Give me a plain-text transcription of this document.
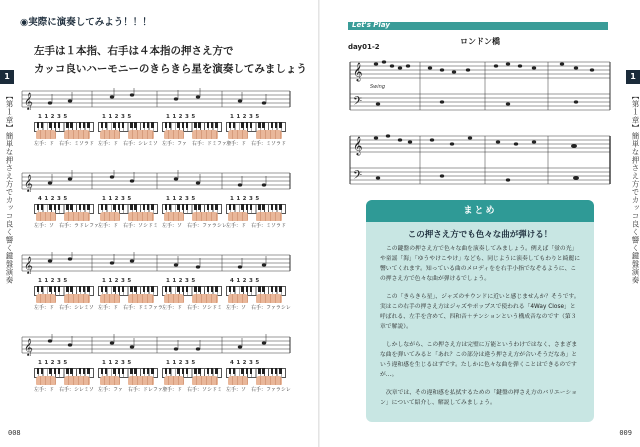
◉実際に演奏してみよう！！！
左手は１本指、右手は４本指の押さえ方で
カッコ良いハーモニーのきらきら星を演奏してみましょう
1
【第１章】簡単な押さえ方でカッコ良く響く鍵盤演奏 𝄞
1 1 2 3 5
左手：ド　右手：ミソラド
1 1 2 3 5
左手：ド　右手：シレミソ
1 1 2 3 5
左手：ファ　右手：ドミファラ
1 1 2 3 5
左手：ド　右手：ミソラド
𝄞
4 1 2 3 5
左手：ソ　右手：ラドレファ
1 1 2 3 5
左手：ド　右手：ソシドミ
1 1 2 3 5
左手：ソ　右手：ファラシレ
1 1 2 3 5
左手：ド　右手：ミソラド
𝄞
1 1 2 3 5
左手：ド　右手：シレミソ
1 1 2 3 5
左手：ド　右手：ドミファラ
1 1 2 3 5
左手：ド　右手：ソシドミ
4 1 2 3 5
左手：ソ　右手：ファラシレ
𝄞
1 1 2 3 5
左手：ド　右手：シレミソ
1 1 2 3 5
左手：ファ　右手：ドレファラ
1 1 2 3 5
左手：ド　右手：ソシドミ
4 1 2 3 5
左手：ソ　右手：ファラシレ
008
Let's Play
ロンドン橋
day01-2
𝄞
𝄢
Swing
𝄞
𝄢
まとめ
この押さえ方でも色々な曲が弾ける！

この鍵盤の押さえ方で色々な曲を演奏してみましょう。例えば「蛍の光」や童謡「海」「ゆうやけこやけ」なども、同じように演奏してもわりと綺麗に響いてくれます。知っている曲のメロディをを右手小指でなぞるように、この押さえ方で色々な曲が弾けるでしょう。

この「きらきら星」、ジャズのサウンドに近いと感じませんか？そうです。実はこの右手の押さえ方はジャズやポップスで使われる「4Way Close」と呼ばれる、左手を含めて、四和音＋テンションという構成音なのです（第３章で解説）。

しかしながら、この押さえ方は完璧に万能というわけではなく、さまざまな曲を弾いてみると「あれ？この部分は違う押さえ方が合いそうだなあ」という違和感を生じるはずです。たしかに色々な曲を弾くことはできるのですが…。

次章では、その違和感を払拭するための「鍵盤の押さえ方のバリエーション」について紹介し、解説してみましょう。

1
【第１章】簡単な押さえ方でカッコ良く響く鍵盤演奏
009
